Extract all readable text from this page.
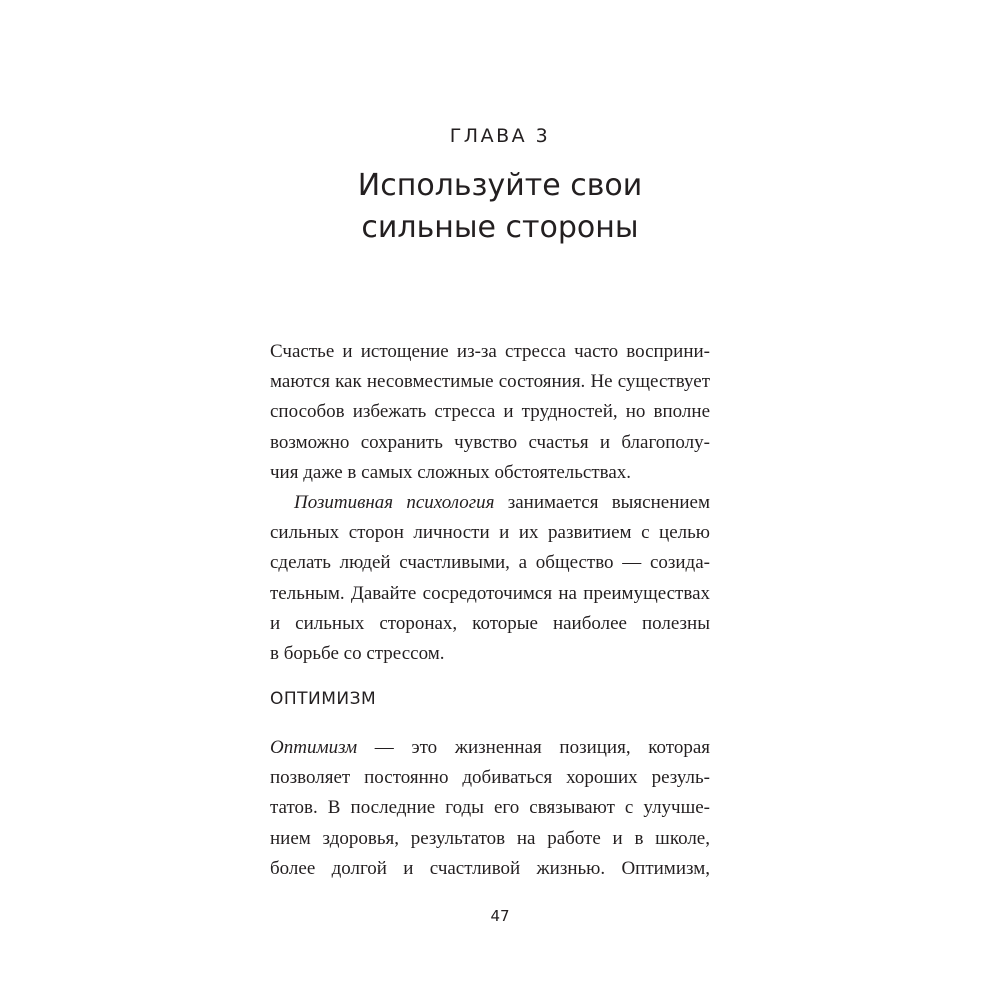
ГЛАВА 3
Используйте свои
сильные стороны
Счастье и истощение из-за стресса часто восприни-
маются как несовместимые состояния. Не существует
способов избежать стресса и трудностей, но вполне
возможно сохранить чувство счастья и благополу-
чия даже в самых сложных обстоятельствах.
Позитивная психология занимается выяснением
сильных сторон личности и их развитием с целью
сделать людей счастливыми, а общество — созида-
тельным. Давайте сосредоточимся на преимуществах
и сильных сторонах, которые наиболее полезны
в борьбе со стрессом.
ОПТИМИЗМ
Оптимизм — это жизненная позиция, которая
позволяет постоянно добиваться хороших резуль-
татов. В последние годы его связывают с улучше-
нием здоровья, результатов на работе и в школе,
более долгой и счастливой жизнью. Оптимизм,
47
